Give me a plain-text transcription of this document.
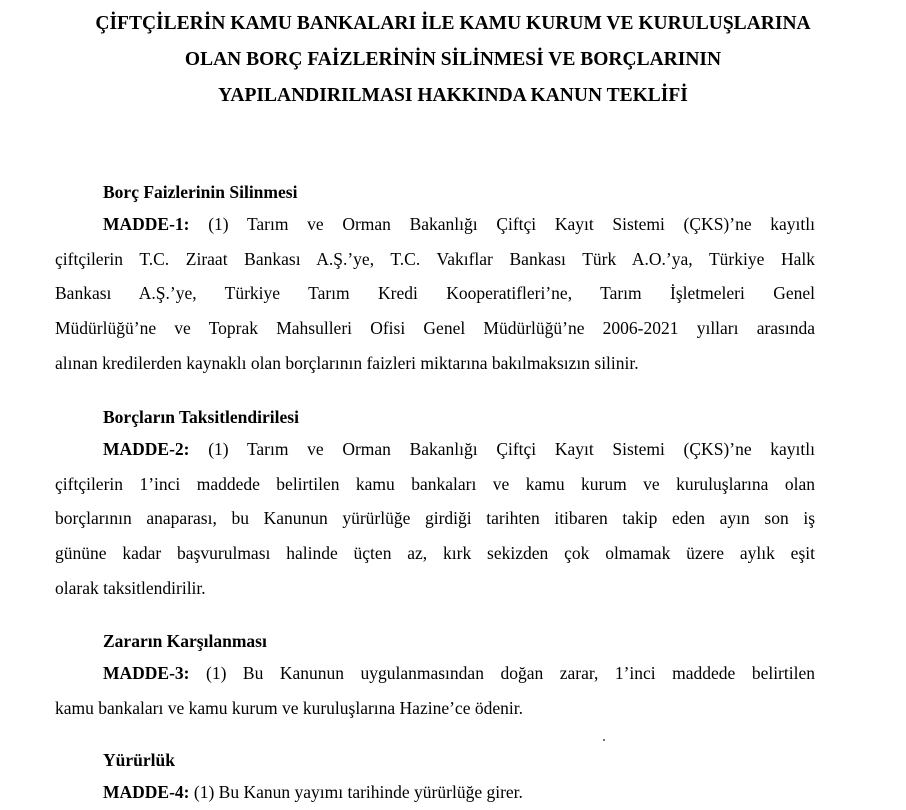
ÇİFTÇİLERİN KAMU BANKALARI İLE KAMU KURUM VE KURULUŞLARINA
OLAN BORÇ FAİZLERİNİN SİLİNMESİ VE BORÇLARININ
YAPILANDIRILMASI HAKKINDA KANUN TEKLİFİ
Borç Faizlerinin Silinmesi
MADDE-1: (1) Tarım ve Orman Bakanlığı Çiftçi Kayıt Sistemi (ÇKS)’ne kayıtlı
çiftçilerin T.C. Ziraat Bankası A.Ş.’ye, T.C. Vakıflar Bankası Türk A.O.’ya, Türkiye Halk
Bankası A.Ş.’ye, Türkiye Tarım Kredi Kooperatifleri’ne, Tarım İşletmeleri Genel
Müdürlüğü’ne ve Toprak Mahsulleri Ofisi Genel Müdürlüğü’ne 2006-2021 yılları arasında
alınan kredilerden kaynaklı olan borçlarının faizleri miktarına bakılmaksızın silinir.
Borçların Taksitlendirilesi
MADDE-2: (1) Tarım ve Orman Bakanlığı Çiftçi Kayıt Sistemi (ÇKS)’ne kayıtlı
çiftçilerin 1’inci maddede belirtilen kamu bankaları ve kamu kurum ve kuruluşlarına olan
borçlarının anaparası, bu Kanunun yürürlüğe girdiği tarihten itibaren takip eden ayın son iş
gününe kadar başvurulması halinde üçten az, kırk sekizden çok olmamak üzere aylık eşit
olarak taksitlendirilir.
Zararın Karşılanması
MADDE-3: (1) Bu Kanunun uygulanmasından doğan zarar, 1’inci maddede belirtilen
kamu bankaları ve kamu kurum ve kuruluşlarına Hazine’ce ödenir.
Yürürlük
MADDE-4: (1) Bu Kanun yayımı tarihinde yürürlüğe girer.
